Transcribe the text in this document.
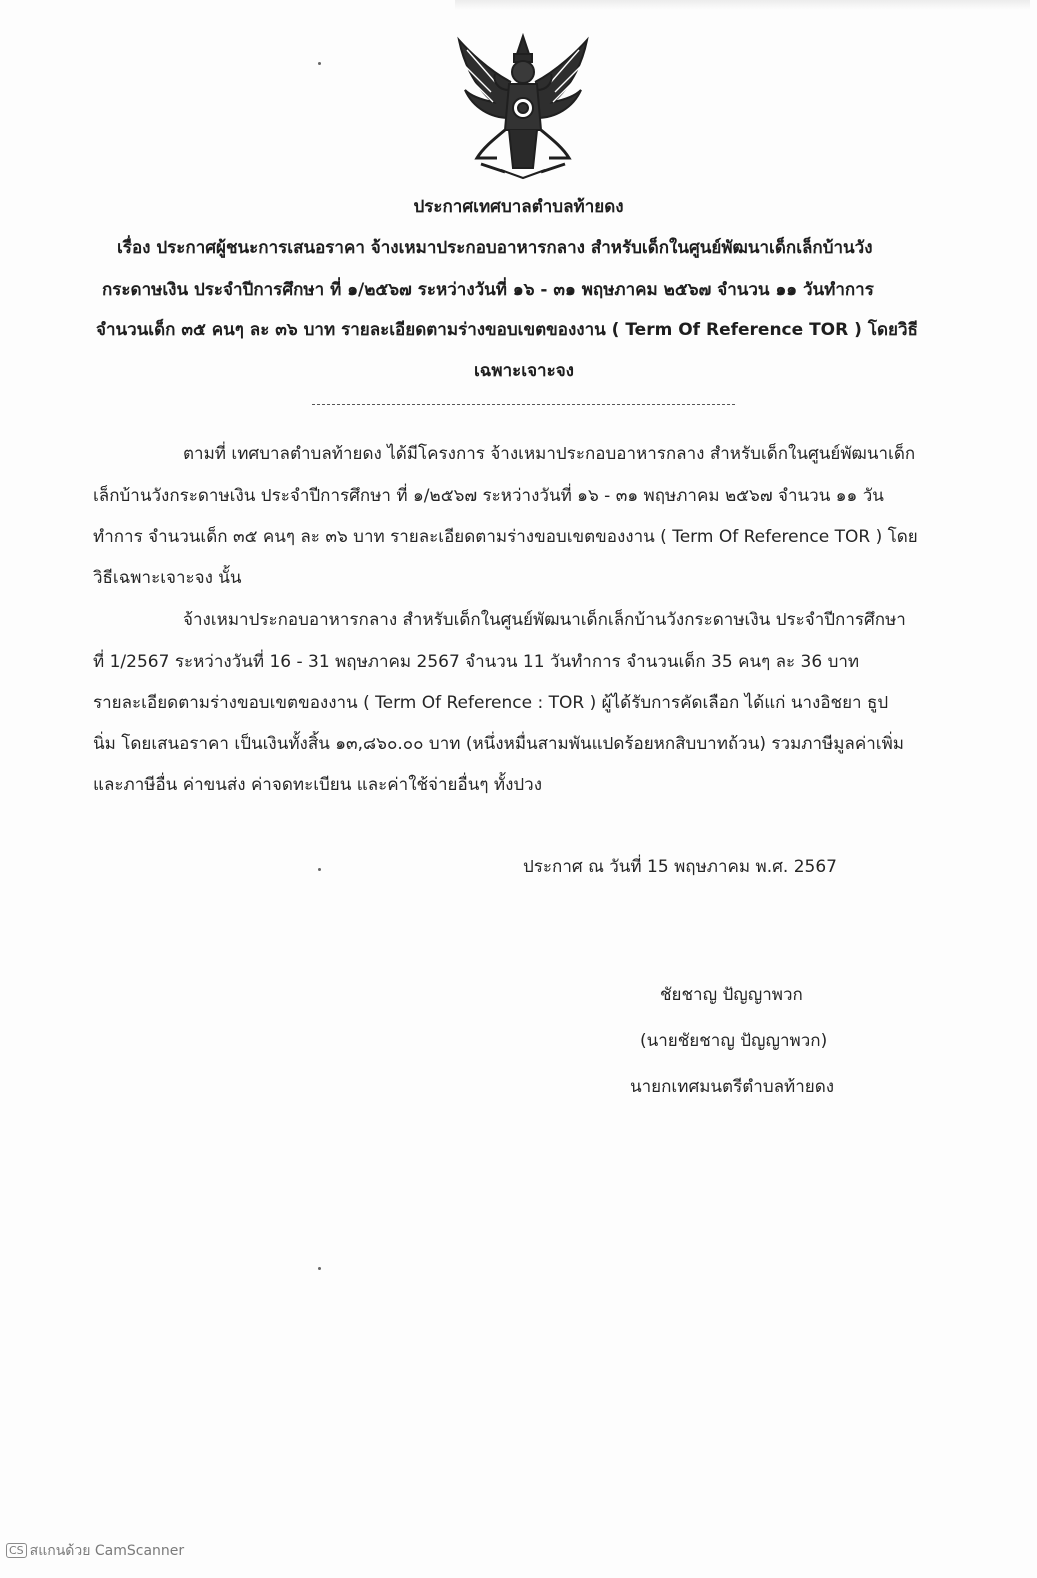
ประกาศเทศบาลตำบลท้ายดง
เรื่อง ประกาศผู้ชนะการเสนอราคา จ้างเหมาประกอบอาหารกลาง สำหรับเด็กในศูนย์พัฒนาเด็กเล็กบ้านวัง
กระดาษเงิน ประจำปีการศึกษา ที่ ๑/๒๕๖๗ ระหว่างวันที่ ๑๖ - ๓๑ พฤษภาคม ๒๕๖๗ จำนวน ๑๑ วันทำการ
จำนวนเด็ก ๓๕ คนๆ ละ ๓๖ บาท รายละเอียดตามร่างขอบเขตของงาน ( Term Of Reference TOR ) โดยวิธี
เฉพาะเจาะจง
ตามที่ เทศบาลตำบลท้ายดง ได้มีโครงการ จ้างเหมาประกอบอาหารกลาง สำหรับเด็กในศูนย์พัฒนาเด็ก
เล็กบ้านวังกระดาษเงิน ประจำปีการศึกษา ที่ ๑/๒๕๖๗ ระหว่างวันที่ ๑๖ - ๓๑ พฤษภาคม ๒๕๖๗ จำนวน ๑๑ วัน
ทำการ จำนวนเด็ก ๓๕ คนๆ ละ ๓๖ บาท รายละเอียดตามร่างขอบเขตของงาน ( Term Of Reference TOR ) โดย
วิธีเฉพาะเจาะจง นั้น
จ้างเหมาประกอบอาหารกลาง สำหรับเด็กในศูนย์พัฒนาเด็กเล็กบ้านวังกระดาษเงิน ประจำปีการศึกษา
ที่ 1/2567 ระหว่างวันที่ 16 - 31 พฤษภาคม 2567 จำนวน 11 วันทำการ จำนวนเด็ก 35 คนๆ ละ 36 บาท
รายละเอียดตามร่างขอบเขตของงาน ( Term Of Reference : TOR ) ผู้ได้รับการคัดเลือก ได้แก่ นางอิชยา ธูป
นิ่ม โดยเสนอราคา เป็นเงินทั้งสิ้น ๑๓,๘๖๐.๐๐ บาท (หนึ่งหมื่นสามพันแปดร้อยหกสิบบาทถ้วน) รวมภาษีมูลค่าเพิ่ม
และภาษีอื่น ค่าขนส่ง ค่าจดทะเบียน และค่าใช้จ่ายอื่นๆ ทั้งปวง
ประกาศ ณ วันที่ 15 พฤษภาคม พ.ศ. 2567
ชัยชาญ ปัญญาพวก
(นายชัยชาญ ปัญญาพวก)
นายกเทศมนตรีตำบลท้ายดง
CS สแกนด้วย CamScanner
